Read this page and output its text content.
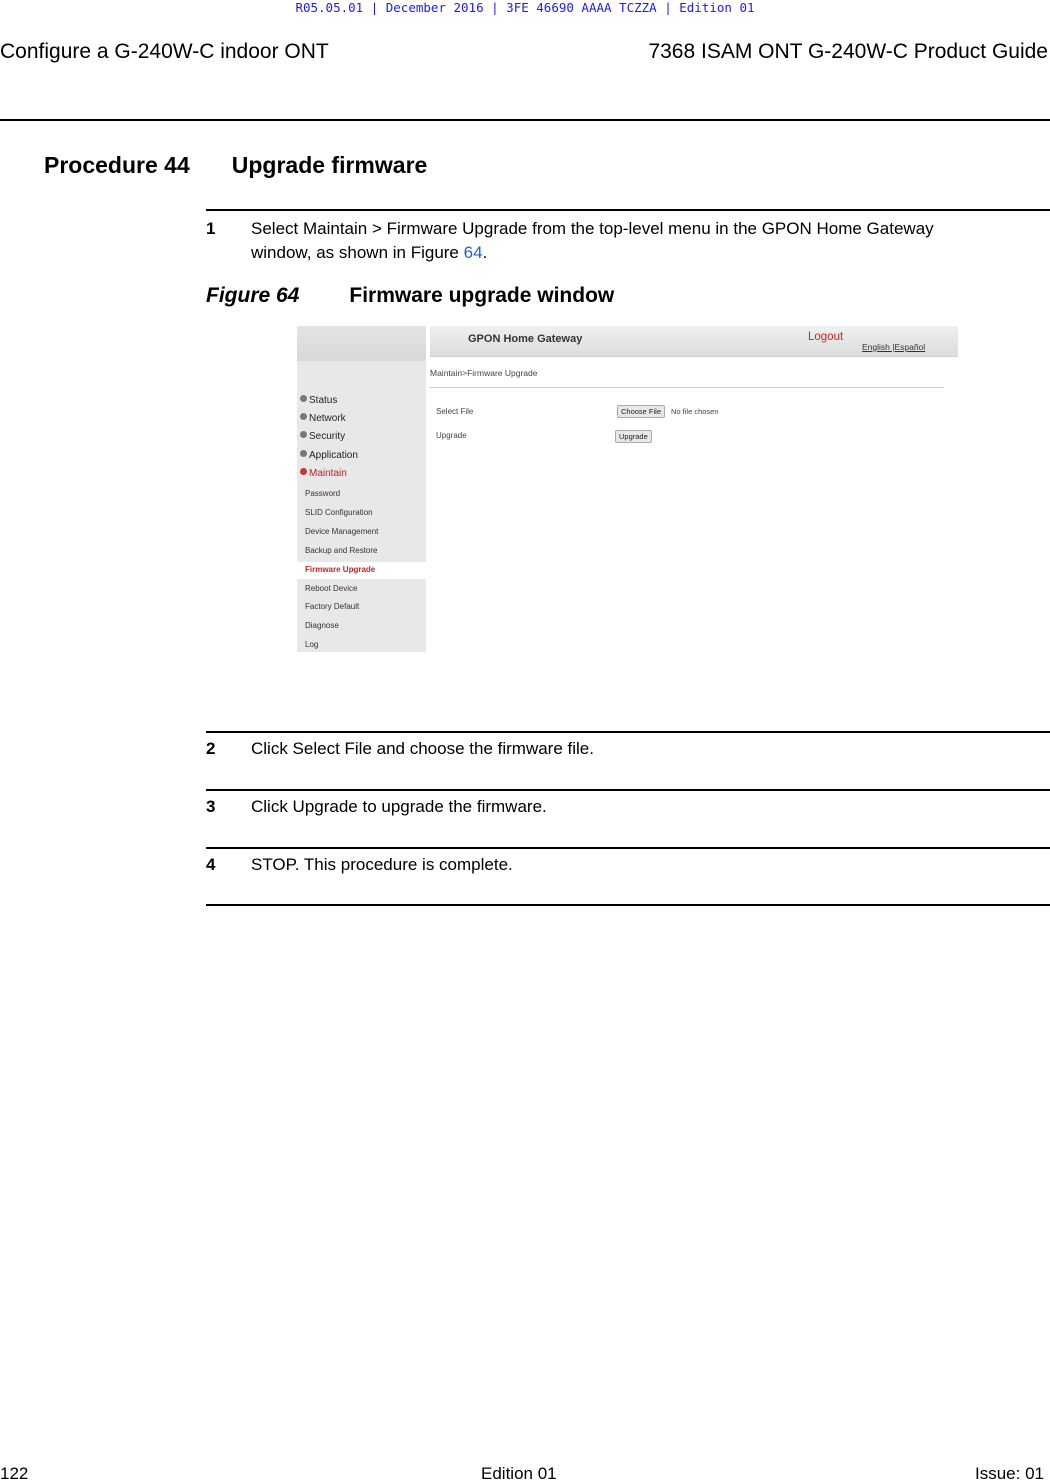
R05.05.01 | December 2016 | 3FE 46690 AAAA TCZZA | Edition 01
Configure a G-240W-C indoor ONT	7368 ISAM ONT G-240W-C Product Guide
Procedure 44 Upgrade firmware
1 Select Maintain > Firmware Upgrade from the top-level menu in the GPON Home Gateway
window, as shown in Figure 64.
Figure 64 Firmware upgrade window
Status
Network
Security
Application
Maintain
Password
SLID Configuration
Device Management
Backup and Restore
Firmware Upgrade
Reboot Device
Factory Default
Diagnose
Log
GPON Home Gateway	Logout
English |Español
Maintain>Firmware Upgrade
Select File	Choose File	No file chosen
Upgrade	Upgrade
2 Click Select File and choose the firmware file.
3 Click Upgrade to upgrade the firmware.
4 STOP. This procedure is complete.
122	Edition 01	Issue: 01
